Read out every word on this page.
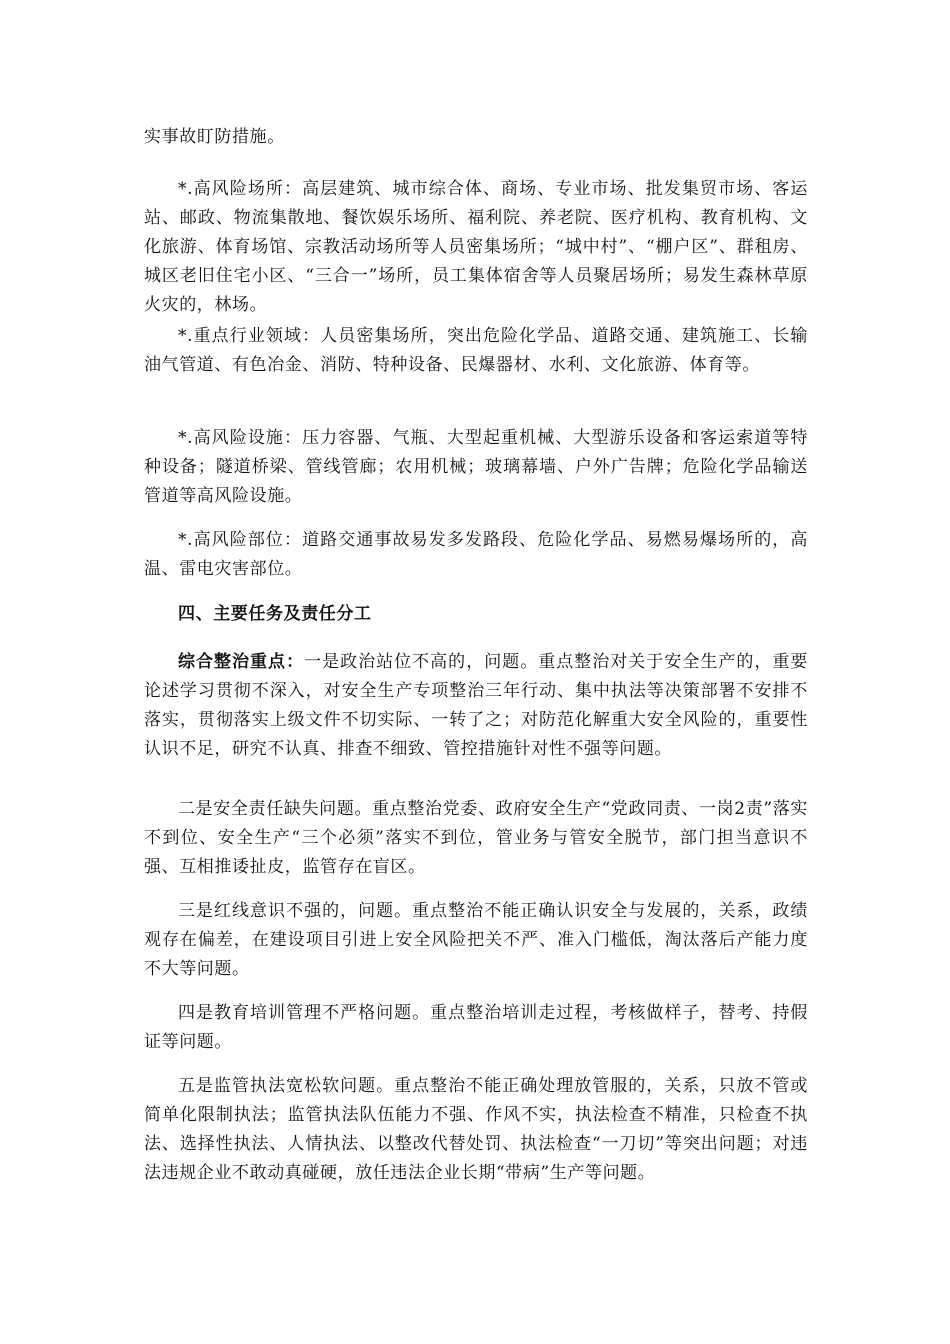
实事故盯防措施。

*.高风险场所：高层建筑、城市综合体、商场、专业市场、批发集贸市场、客运站、邮政、物流集散地、餐饮娱乐场所、福利院、养老院、医疗机构、教育机构、文化旅游、体育场馆、宗教活动场所等人员密集场所；“城中村”、“棚户区”、群租房、城区老旧住宅小区、“三合一”场所，员工集体宿舍等人员聚居场所；易发生森林草原火灾的，林场。

*.重点行业领域：人员密集场所，突出危险化学品、道路交通、建筑施工、长输油气管道、有色冶金、消防、特种设备、民爆器材、水利、文化旅游、体育等。

*.高风险设施：压力容器、气瓶、大型起重机械、大型游乐设备和客运索道等特种设备；隧道桥梁、管线管廊；农用机械；玻璃幕墙、户外广告牌；危险化学品输送管道等高风险设施。

*.高风险部位：道路交通事故易发多发路段、危险化学品、易燃易爆场所的，高温、雷电灾害部位。

四、主要任务及责任分工

综合整治重点：一是政治站位不高的，问题。重点整治对关于安全生产的，重要论述学习贯彻不深入，对安全生产专项整治三年行动、集中执法等决策部署不安排不落实，贯彻落实上级文件不切实际、一转了之；对防范化解重大安全风险的，重要性认识不足，研究不认真、排查不细致、管控措施针对性不强等问题。

二是安全责任缺失问题。重点整治党委、政府安全生产“党政同责、一岗2责”落实不到位、安全生产“三个必须”落实不到位，管业务与管安全脱节，部门担当意识不强、互相推诿扯皮，监管存在盲区。

三是红线意识不强的，问题。重点整治不能正确认识安全与发展的，关系，政绩观存在偏差，在建设项目引进上安全风险把关不严、准入门槛低，淘汰落后产能力度不大等问题。

四是教育培训管理不严格问题。重点整治培训走过程，考核做样子，替考、持假证等问题。

五是监管执法宽松软问题。重点整治不能正确处理放管服的，关系，只放不管或简单化限制执法；监管执法队伍能力不强、作风不实，执法检查不精准，只检查不执法、选择性执法、人情执法、以整改代替处罚、执法检查“一刀切”等突出问题；对违法违规企业不敢动真碰硬，放任违法企业长期“带病”生产等问题。
